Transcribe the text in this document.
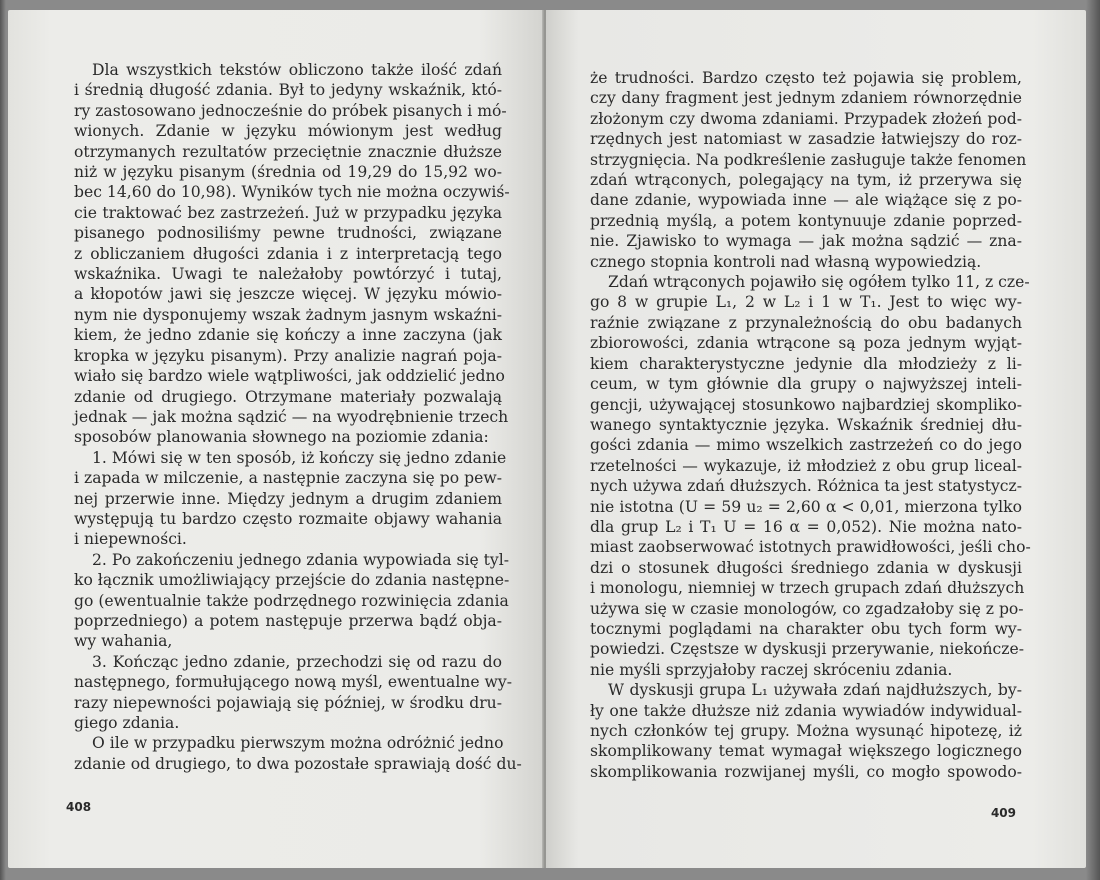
Dla wszystkich tekstów obliczono także ilość zdań
i średnią długość zdania. Był to jedyny wskaźnik, któ-
ry zastosowano jednocześnie do próbek pisanych i mó-
wionych. Zdanie w języku mówionym jest według
otrzymanych rezultatów przeciętnie znacznie dłuższe
niż w języku pisanym (średnia od 19,29 do 15,92 wo-
bec 14,60 do 10,98). Wyników tych nie można oczywiś-
cie traktować bez zastrzeżeń. Już w przypadku języka
pisanego podnosiliśmy pewne trudności, związane
z obliczaniem długości zdania i z interpretacją tego
wskaźnika. Uwagi te należałoby powtórzyć i tutaj,
a kłopotów jawi się jeszcze więcej. W języku mówio-
nym nie dysponujemy wszak żadnym jasnym wskaźni-
kiem, że jedno zdanie się kończy a inne zaczyna (jak
kropka w języku pisanym). Przy analizie nagrań poja-
wiało się bardzo wiele wątpliwości, jak oddzielić jedno
zdanie od drugiego. Otrzymane materiały pozwalają
jednak — jak można sądzić — na wyodrębnienie trzech
sposobów planowania słownego na poziomie zdania:
1. Mówi się w ten sposób, iż kończy się jedno zdanie
i zapada w milczenie, a następnie zaczyna się po pew-
nej przerwie inne. Między jednym a drugim zdaniem
występują tu bardzo często rozmaite objawy wahania
i niepewności.
2. Po zakończeniu jednego zdania wypowiada się tyl-
ko łącznik umożliwiający przejście do zdania następne-
go (ewentualnie także podrzędnego rozwinięcia zdania
poprzedniego) a potem następuje przerwa bądź obja-
wy wahania,
3. Kończąc jedno zdanie, przechodzi się od razu do
następnego, formułującego nową myśl, ewentualne wy-
razy niepewności pojawiają się później, w środku dru-
giego zdania.
O ile w przypadku pierwszym można odróżnić jedno
zdanie od drugiego, to dwa pozostałe sprawiają dość du-
408
że trudności. Bardzo często też pojawia się problem,
czy dany fragment jest jednym zdaniem równorzędnie
złożonym czy dwoma zdaniami. Przypadek złożeń pod-
rzędnych jest natomiast w zasadzie łatwiejszy do roz-
strzygnięcia. Na podkreślenie zasługuje także fenomen
zdań wtrąconych, polegający na tym, iż przerywa się
dane zdanie, wypowiada inne — ale wiążące się z po-
przednią myślą, a potem kontynuuje zdanie poprzed-
nie. Zjawisko to wymaga — jak można sądzić — zna-
cznego stopnia kontroli nad własną wypowiedzią.
Zdań wtrąconych pojawiło się ogółem tylko 11, z cze-
go 8 w grupie L₁, 2 w L₂ i 1 w T₁. Jest to więc wy-
raźnie związane z przynależnością do obu badanych
zbiorowości, zdania wtrącone są poza jednym wyjąt-
kiem charakterystyczne jedynie dla młodzieży z li-
ceum, w tym głównie dla grupy o najwyższej inteli-
gencji, używającej stosunkowo najbardziej skompliko-
wanego syntaktycznie języka. Wskaźnik średniej dłu-
gości zdania — mimo wszelkich zastrzeżeń co do jego
rzetelności — wykazuje, iż młodzież z obu grup liceal-
nych używa zdań dłuższych. Różnica ta jest statystycz-
nie istotna (U = 59 u₂ = 2,60 α < 0,01, mierzona tylko
dla grup L₂ i T₁ U = 16 α = 0,052). Nie można nato-
miast zaobserwować istotnych prawidłowości, jeśli cho-
dzi o stosunek długości średniego zdania w dyskusji
i monologu, niemniej w trzech grupach zdań dłuższych
używa się w czasie monologów, co zgadzałoby się z po-
tocznymi poglądami na charakter obu tych form wy-
powiedzi. Częstsze w dyskusji przerywanie, niekończe-
nie myśli sprzyjałoby raczej skróceniu zdania.
W dyskusji grupa L₁ używała zdań najdłuższych, by-
ły one także dłuższe niż zdania wywiadów indywidual-
nych członków tej grupy. Można wysunąć hipotezę, iż
skomplikowany temat wymagał większego logicznego
skomplikowania rozwijanej myśli, co mogło spowodo-
409
